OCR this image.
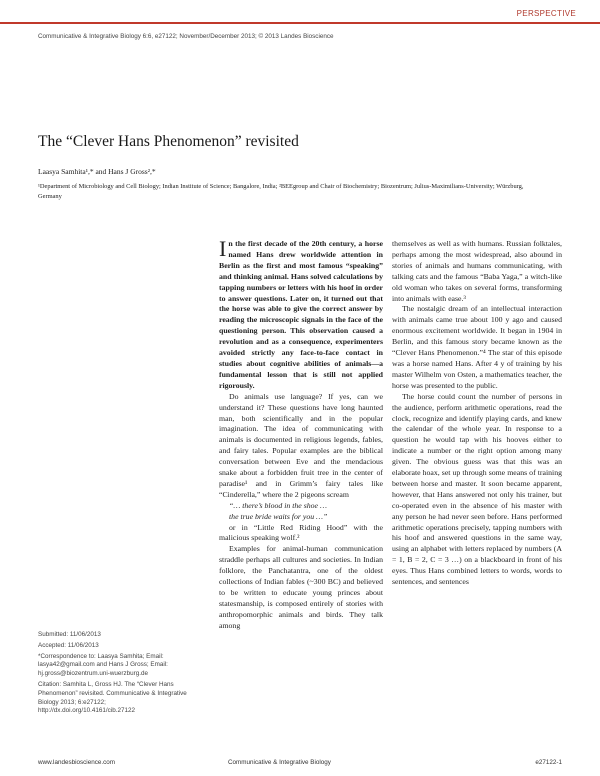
PERSPECTIVE
Communicative & Integrative Biology 6:6, e27122; November/December 2013; © 2013 Landes Bioscience
The “Clever Hans Phenomenon” revisited
Laasya Samhita¹,* and Hans J Gross²,*
¹Department of Microbiology and Cell Biology; Indian Institute of Science; Bangalore, India; ²BEEgroup and Chair of Biochemistry; Biozentrum; Julius-Maximilians-University; Würzburg, Germany

In the first decade of the 20th century, a horse named Hans drew worldwide attention in Berlin as the first and most famous “speaking” and thinking animal. Hans solved calculations by tapping numbers or letters with his hoof in order to answer questions. Later on, it turned out that the horse was able to give the correct answer by reading the microscopic signals in the face of the questioning person. This observation caused a revolution and as a consequence, experimenters avoided strictly any face-to-face contact in studies about cognitive abilities of animals—a fundamental lesson that is still not applied rigorously.

Do animals use language? If yes, can we understand it? These questions have long haunted man, both scientifically and in the popular imagination. The idea of communicating with animals is documented in religious legends, fables, and fairy tales. Popular examples are the biblical conversation between Eve and the mendacious snake about a forbidden fruit tree in the center of paradise¹ and in Grimm’s fairy tales like “Cinderella,” where the 2 pigeons scream

“… there’s blood in the shoe …

the true bride waits for you …”

or in “Little Red Riding Hood” with the malicious speaking wolf.²

Examples for animal-human communication straddle perhaps all cultures and societies. In Indian folklore, the Panchatantra, one of the oldest collections of Indian fables (~300 BC) and believed to be written to educate young princes about statesmanship, is composed entirely of stories with anthropomorphic animals and birds. They talk among

themselves as well as with humans. Russian folktales, perhaps among the most widespread, also abound in stories of animals and humans communicating, with talking cats and the famous “Baba Yaga,” a witch-like old woman who takes on several forms, transforming into animals with ease.³

The nostalgic dream of an intellectual interaction with animals came true about 100 y ago and caused enormous excitement worldwide. It began in 1904 in Berlin, and this famous story became known as the “Clever Hans Phenomenon.”⁴ The star of this episode was a horse named Hans. After 4 y of training by his master Wilhelm von Osten, a mathematics teacher, the horse was presented to the public.

The horse could count the number of persons in the audience, perform arithmetic operations, read the clock, recognize and identify playing cards, and knew the calendar of the whole year. In response to a question he would tap with his hooves either to indicate a number or the right option among many given. The obvious guess was that this was an elaborate hoax, set up through some means of training between horse and master. It soon became apparent, however, that Hans answered not only his trainer, but co-operated even in the absence of his master with any person he had never seen before. Hans performed arithmetic operations precisely, tapping numbers with his hoof and answered questions in the same way, using an alphabet with letters replaced by numbers (A = 1, B = 2, C = 3 …) on a blackboard in front of his eyes. Thus Hans combined letters to words, words to sentences, and sentences

Submitted: 11/06/2013
Accepted: 11/06/2013
*Correspondence to: Laasya Samhita; Email: lasya42@gmail.com and Hans J Gross; Email: hj.gross@biozentrum.uni-wuerzburg.de
Citation: Samhita L, Gross HJ. The “Clever Hans Phenomenon” revisited. Communicative & Integrative Biology 2013; 6:e27122; http://dx.doi.org/10.4161/cib.27122
www.landesbioscience.com	Communicative & Integrative Biology	e27122-1
